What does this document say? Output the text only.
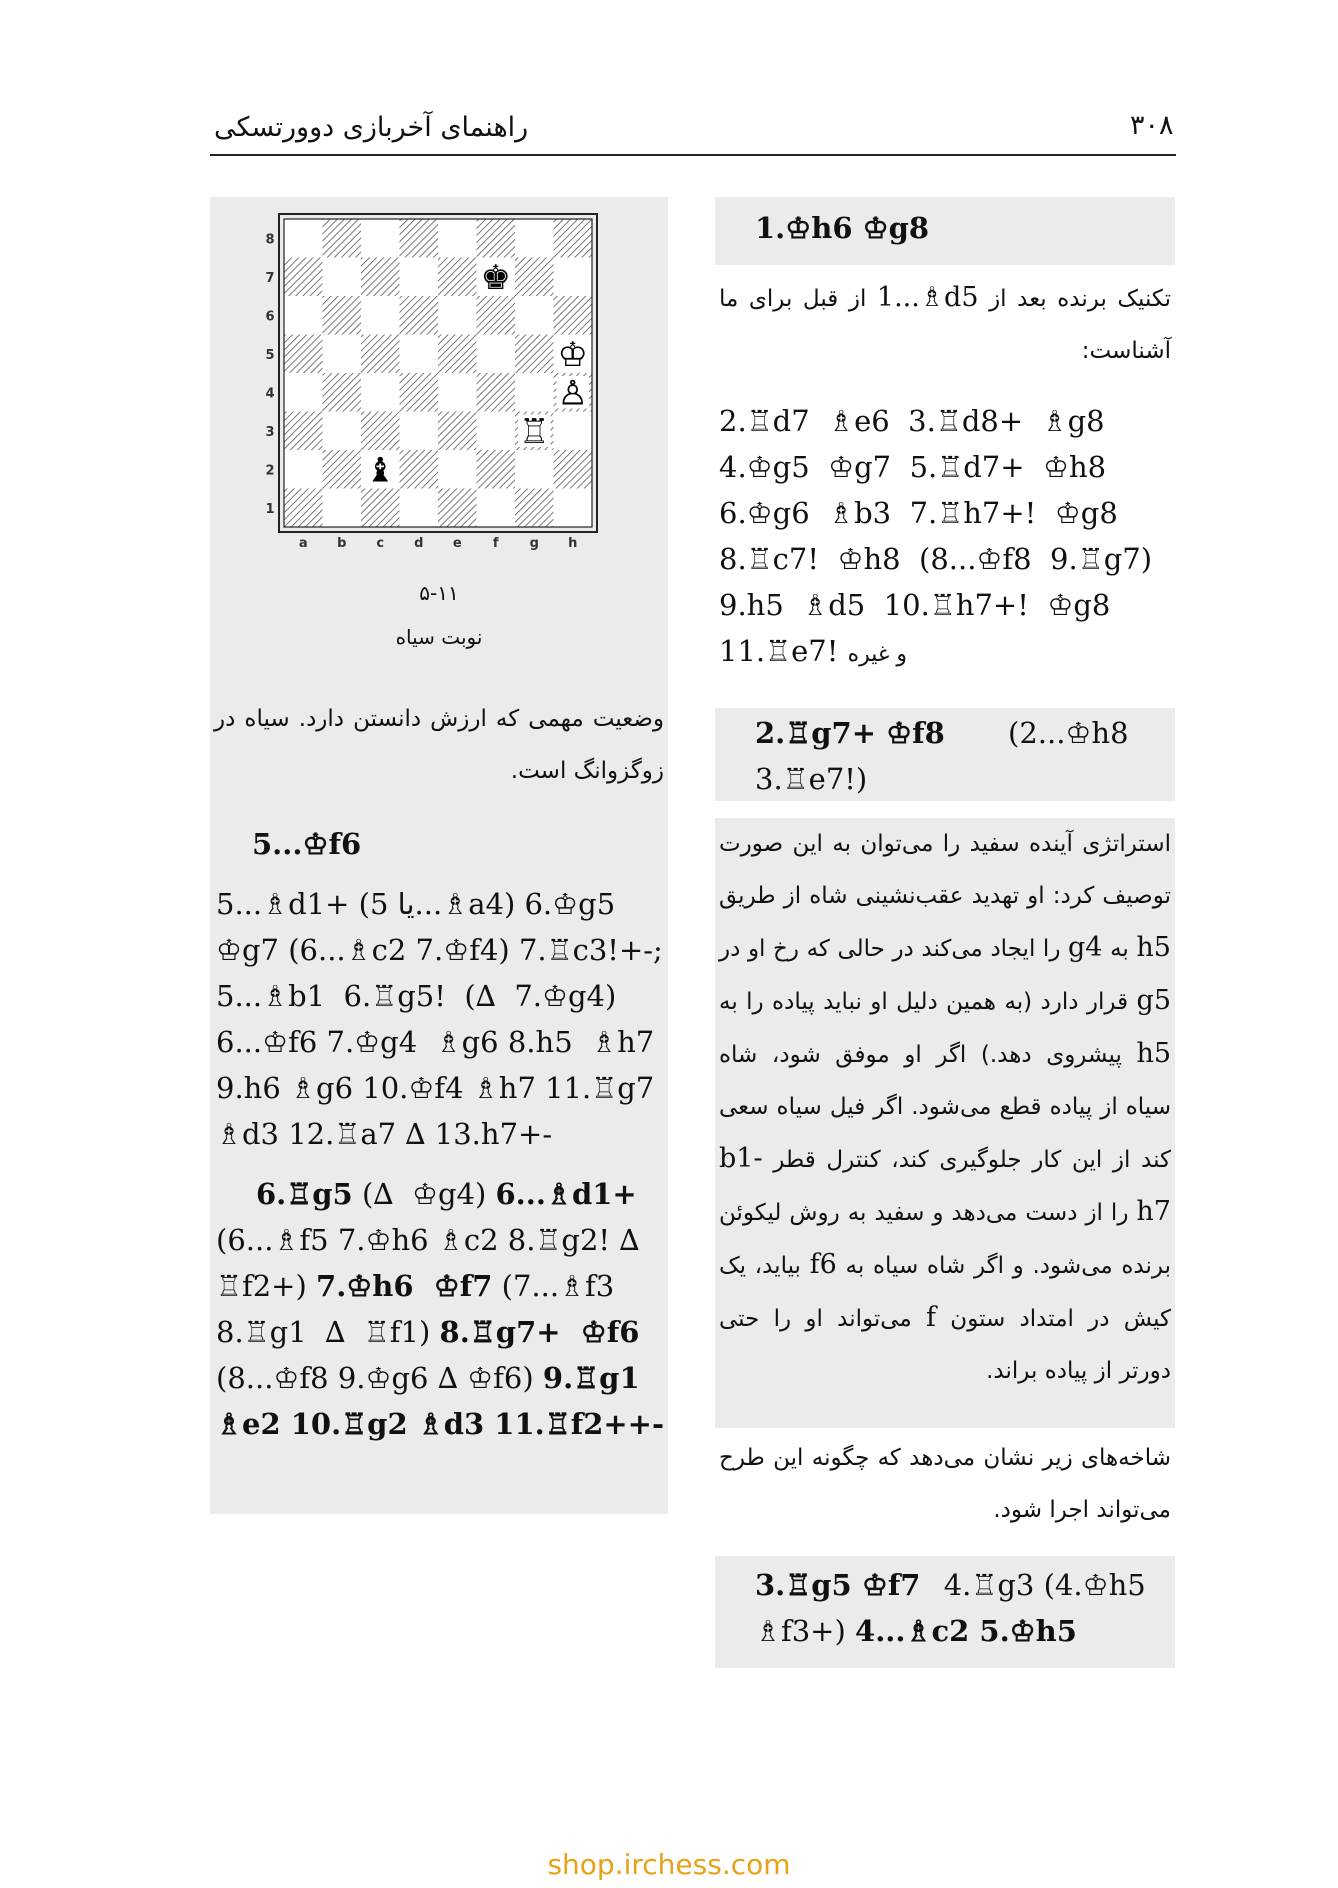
راهنمای آخربازی دوورتسکی	۳۰۸
8
7
6
5
4
3
2
1
a b c d e f g h
♚
♔
♙
♖
♝
۵-۱۱
نوبت سیاه
وضعیت مهمی که ارزش دانستن دارد. سیاه در زوگزوانگ است.
5...♔f6
5...♗d1+ (یا 5...♗a4) 6.♔g5
♔g7 (6...♗c2 7.♔f4) 7.♖c3!+-;
5...♗b1  6.♖g5!  (∆  7.♔g4)
6...♔f6 7.♔g4  ♗g6 8.h5  ♗h7
9.h6 ♗g6 10.♔f4 ♗h7 11.♖g7
♗d3 12.♖a7 ∆ 13.h7+-
6.♖g5 (∆  ♔g4) 6...♗d1+
(6...♗f5 7.♔h6 ♗c2 8.♖g2! ∆
♖f2+) 7.♔h6  ♔f7 (7...♗f3
8.♖g1  ∆  ♖f1) 8.♖g7+  ♔f6
(8...♔f8 9.♔g6 ∆ ♔f6) 9.♖g1
♗e2 10.♖g2 ♗d3 11.♖f2++-
1.♔h6 ♔g8

تکنیک برنده بعد از 1...♗d5 از قبل برای ما آشناست:

2.♖d7  ♗e6  3.♖d8+  ♗g8
4.♔g5  ♔g7  5.♖d7+  ♔h8
6.♔g6  ♗b3  7.♖h7+!  ♔g8
8.♖c7!  ♔h8  (8...♔f8  9.♖g7)
9.h5  ♗d5  10.♖h7+!  ♔g8
11.♖e7! و غیره
2.♖g7+ ♔f8 (2...♔h8
3.♖e7!)

استراتژی آینده سفید را می‌توان به این صورت توصیف کرد: او تهدید عقب‌نشینی شاه از طریق h5 به g4 را ایجاد می‌کند در حالی که رخ او در g5 قرار دارد (به همین دلیل او نباید پیاده را به h5 پیشروی دهد.) اگر او موفق شود، شاه سیاه از پیاده قطع می‌شود. اگر فیل سیاه سعی کند از این کار جلوگیری کند، کنترل قطر b1-h7 را از دست می‌دهد و سفید به روش لیکوئن برنده می‌شود. و اگر شاه سیاه به f6 بیاید، یک کیش در امتداد ستون f می‌تواند او را حتی دورتر از پیاده براند.

شاخه‌های زیر نشان می‌دهد که چگونه این طرح می‌تواند اجرا شود.
3.♖g5 ♔f7 4.♖g3 (4.♔h5
♗f3+) 4...♗c2 5.♔h5
shop.irchess.com
